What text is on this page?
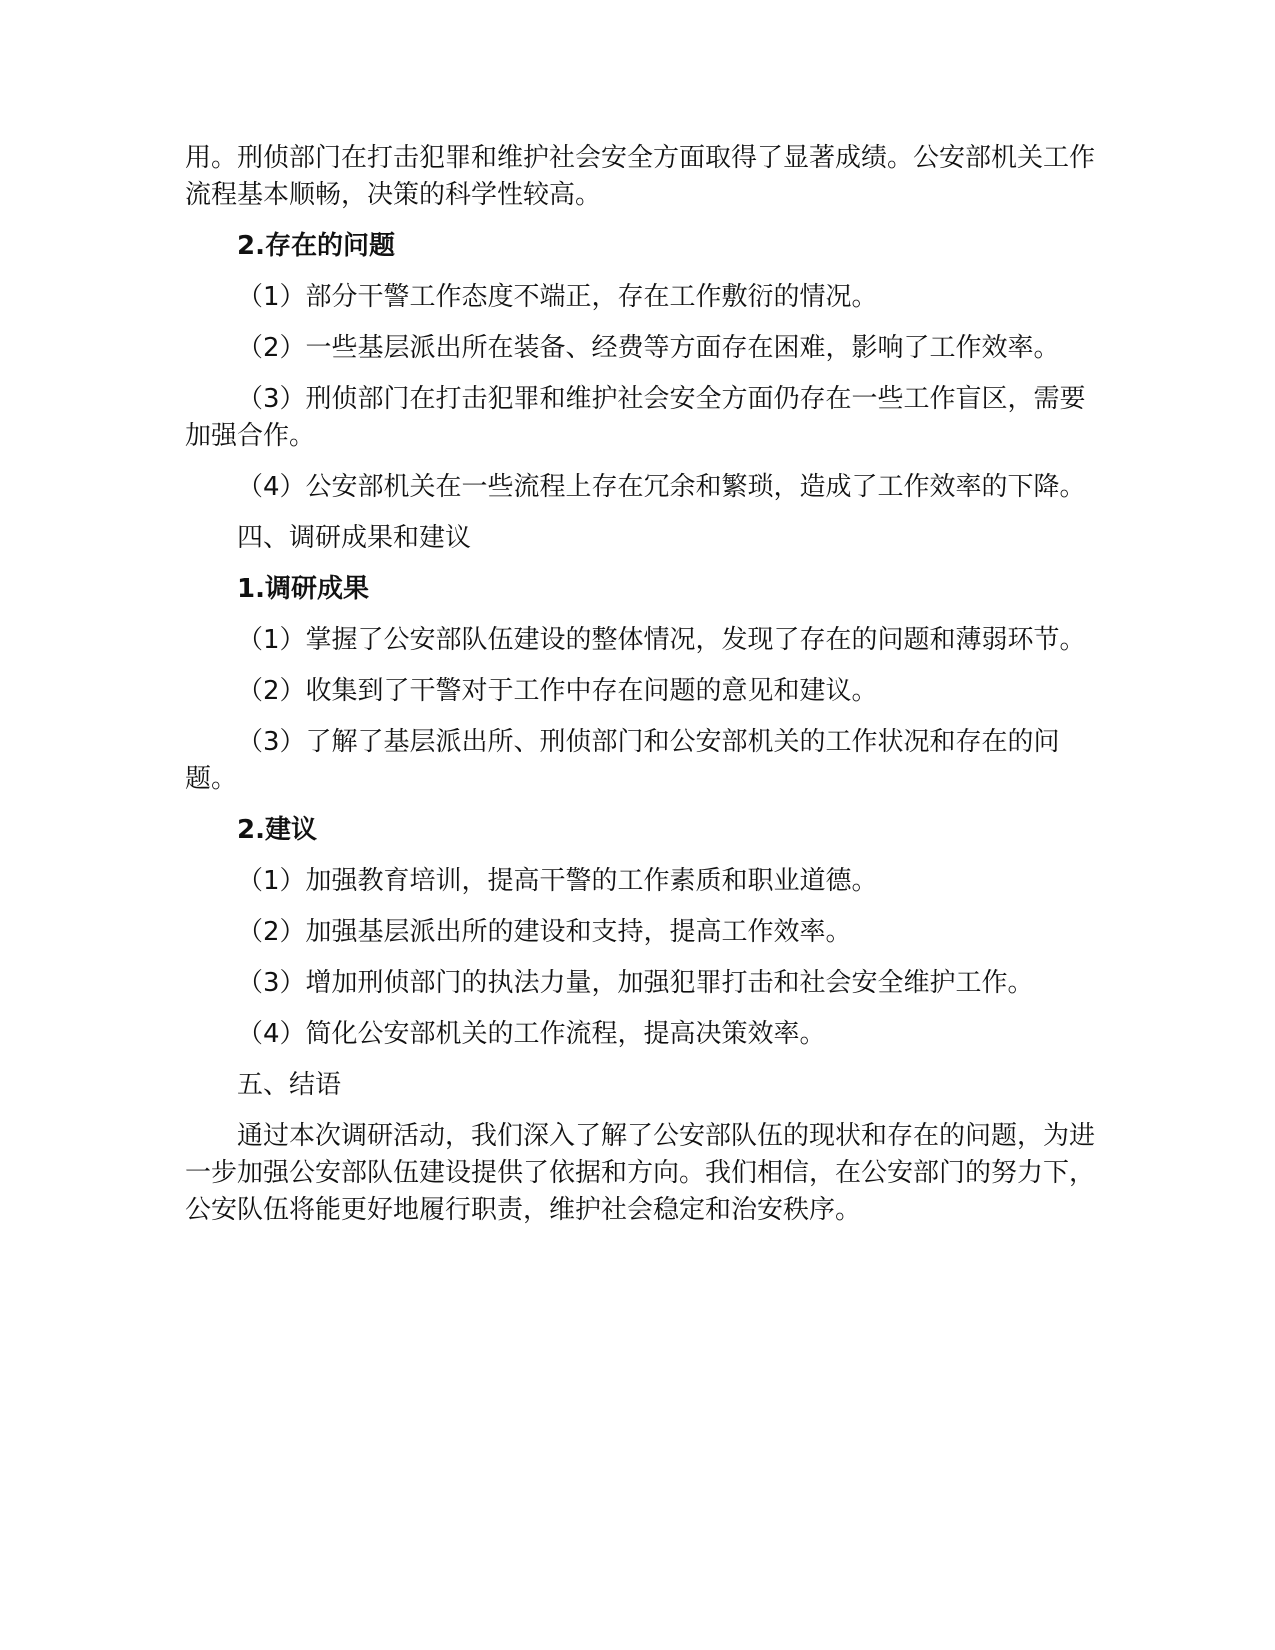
用。刑侦部门在打击犯罪和维护社会安全方面取得了显著成绩。公安部机关工作流程基本顺畅，决策的科学性较高。

2.存在的问题

（1）部分干警工作态度不端正，存在工作敷衍的情况。

（2）一些基层派出所在装备、经费等方面存在困难，影响了工作效率。

（3）刑侦部门在打击犯罪和维护社会安全方面仍存在一些工作盲区，需要加强合作。

（4）公安部机关在一些流程上存在冗余和繁琐，造成了工作效率的下降。

四、调研成果和建议

1.调研成果

（1）掌握了公安部队伍建设的整体情况，发现了存在的问题和薄弱环节。

（2）收集到了干警对于工作中存在问题的意见和建议。

（3）了解了基层派出所、刑侦部门和公安部机关的工作状况和存在的问题。

2.建议

（1）加强教育培训，提高干警的工作素质和职业道德。

（2）加强基层派出所的建设和支持，提高工作效率。

（3）增加刑侦部门的执法力量，加强犯罪打击和社会安全维护工作。

（4）简化公安部机关的工作流程，提高决策效率。

五、结语

通过本次调研活动，我们深入了解了公安部队伍的现状和存在的问题，为进一步加强公安部队伍建设提供了依据和方向。我们相信，在公安部门的努力下，公安队伍将能更好地履行职责，维护社会稳定和治安秩序。
